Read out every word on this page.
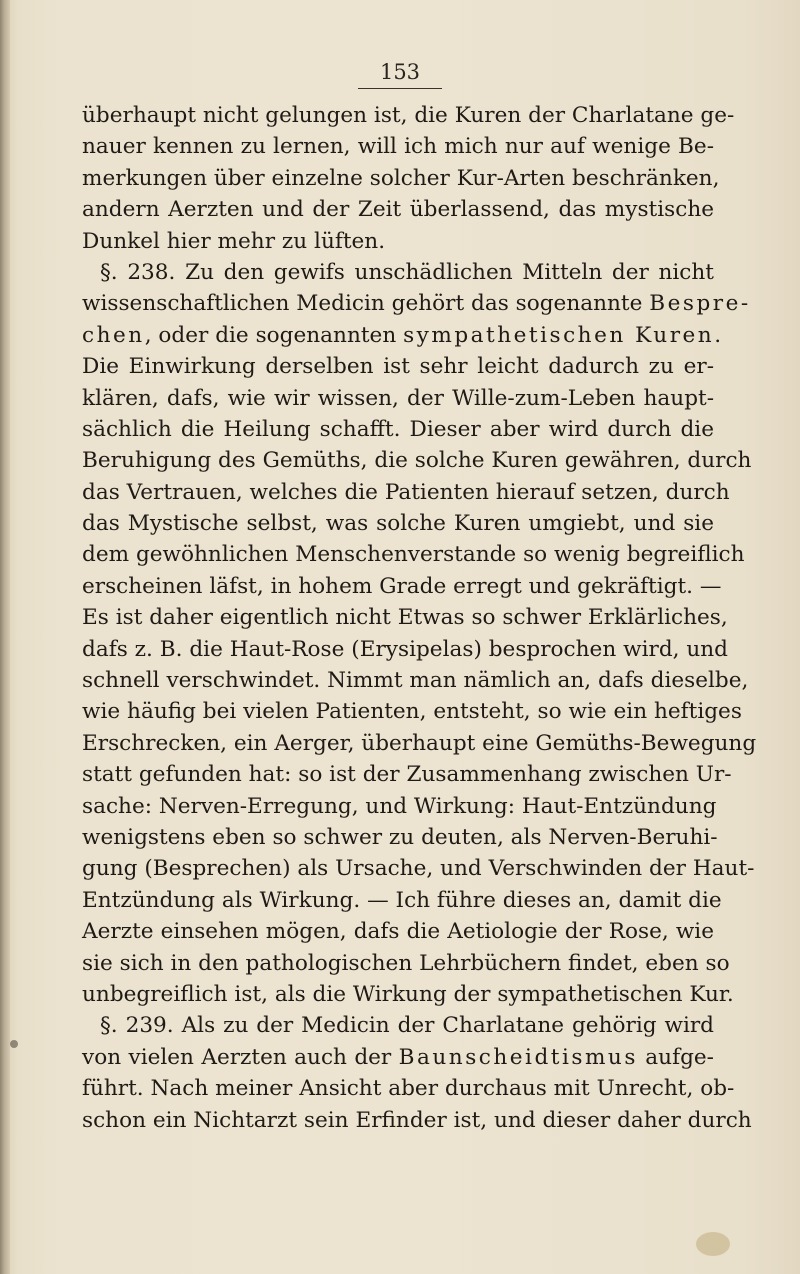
153
überhaupt nicht gelungen ist, die Kuren der Charlatane ge-
nauer kennen zu lernen, will ich mich nur auf wenige Be-
merkungen über einzelne solcher Kur-Arten beschränken,
andern Aerzten und der Zeit überlassend, das mystische
Dunkel hier mehr zu lüften.
§. 238. Zu den gewifs unschädlichen Mitteln der nicht
wissenschaftlichen Medicin gehört das sogenannte Bespre-
chen, oder die sogenannten sympathetischen Kuren.
Die Einwirkung derselben ist sehr leicht dadurch zu er-
klären, dafs, wie wir wissen, der Wille-zum-Leben haupt-
sächlich die Heilung schafft. Dieser aber wird durch die
Beruhigung des Gemüths, die solche Kuren gewähren, durch
das Vertrauen, welches die Patienten hierauf setzen, durch
das Mystische selbst, was solche Kuren umgiebt, und sie
dem gewöhnlichen Menschenverstande so wenig begreiflich
erscheinen läfst, in hohem Grade erregt und gekräftigt. —
Es ist daher eigentlich nicht Etwas so schwer Erklärliches,
dafs z. B. die Haut-Rose (Erysipelas) besprochen wird, und
schnell verschwindet. Nimmt man nämlich an, dafs dieselbe,
wie häufig bei vielen Patienten, entsteht, so wie ein heftiges
Erschrecken, ein Aerger, überhaupt eine Gemüths-Bewegung
statt gefunden hat: so ist der Zusammenhang zwischen Ur-
sache: Nerven-Erregung, und Wirkung: Haut-Entzündung
wenigstens eben so schwer zu deuten, als Nerven-Beruhi-
gung (Besprechen) als Ursache, und Verschwinden der Haut-
Entzündung als Wirkung. — Ich führe dieses an, damit die
Aerzte einsehen mögen, dafs die Aetiologie der Rose, wie
sie sich in den pathologischen Lehrbüchern findet, eben so
unbegreiflich ist, als die Wirkung der sympathetischen Kur.
§. 239. Als zu der Medicin der Charlatane gehörig wird
von vielen Aerzten auch der Baunscheidtismus aufge-
führt. Nach meiner Ansicht aber durchaus mit Unrecht, ob-
schon ein Nichtarzt sein Erfinder ist, und dieser daher durch
